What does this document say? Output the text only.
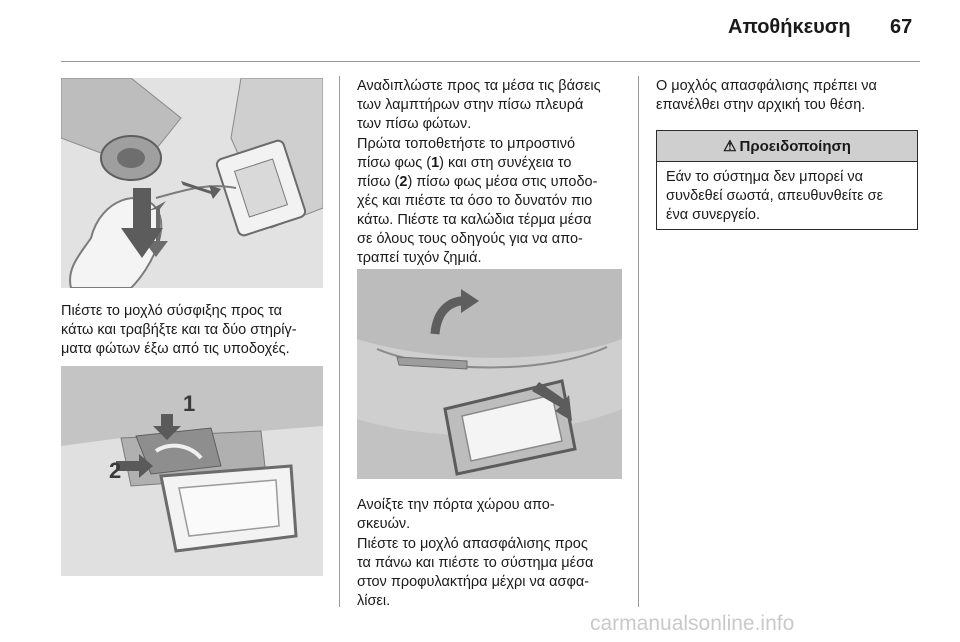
Αποθήκευση 67

Πιέστε το μοχλό σύσφιξης προς τα
κάτω και τραβήξτε και τα δύο στηρίγ-
ματα φώτων έξω από τις υποδοχές.

1
2

Αναδιπλώστε προς τα μέσα τις βάσεις
των λαμπτήρων στην πίσω πλευρά
των πίσω φώτων.

Πρώτα τοποθετήστε το μπροστινό
πίσω φως (1) και στη συνέχεια το
πίσω (2) πίσω φως μέσα στις υποδο-
χές και πιέστε τα όσο το δυνατόν πιο
κάτω. Πιέστε τα καλώδια τέρμα μέσα
σε όλους τους οδηγούς για να απο-
τραπεί τυχόν ζημιά.

Ανοίξτε την πόρτα χώρου απο-
σκευών.

Πιέστε το μοχλό απασφάλισης προς
τα πάνω και πιέστε το σύστημα μέσα
στον προφυλακτήρα μέχρι να ασφα-
λίσει.

Ο μοχλός απασφάλισης πρέπει να
επανέλθει στην αρχική του θέση.

⚠ Προειδοποίηση
Εάν το σύστημα δεν μπορεί να
συνδεθεί σωστά, απευθυνθείτε σε
ένα συνεργείο.
carmanualsonline.info
